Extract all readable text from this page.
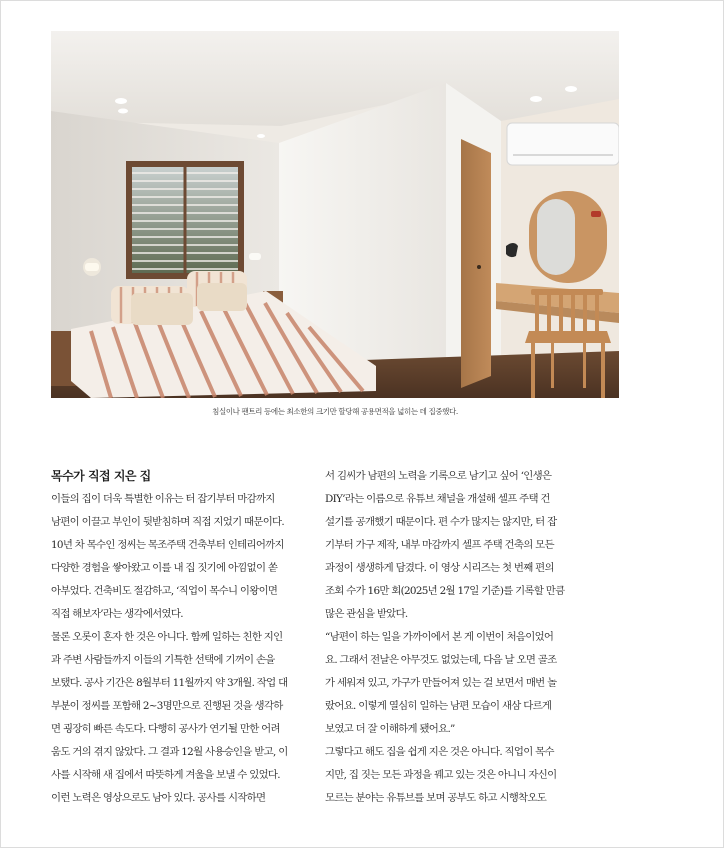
침실이나 팬트리 등에는 최소한의 크기만 할당해 공용면적을 넓히는 데 집중했다.
목수가 직접 지은 집
이들의 집이 더욱 특별한 이유는 터 잡기부터 마감까지
남편이 이끌고 부인이 뒷받침하며 직접 지었기 때문이다.
10년 차 목수인 정씨는 목조주택 건축부터 인테리어까지
다양한 경험을 쌓아왔고 이를 내 집 짓기에 아낌없이 쏟
아부었다. 건축비도 절감하고, ‘직업이 목수니 이왕이면
직접 해보자’라는 생각에서였다.
물론 오롯이 혼자 한 것은 아니다. 함께 일하는 친한 지인
과 주변 사람들까지 이들의 기특한 선택에 기꺼이 손을
보탰다. 공사 기간은 8월부터 11월까지 약 3개월. 작업 대
부분이 정씨를 포함해 2~3명만으로 진행된 것을 생각하
면 굉장히 빠른 속도다. 다행히 공사가 연기될 만한 어려
움도 거의 겪지 않았다. 그 결과 12월 사용승인을 받고, 이
사를 시작해 새 집에서 따뜻하게 겨울을 보낼 수 있었다.
이런 노력은 영상으로도 남아 있다. 공사를 시작하면
서 김씨가 남편의 노력을 기록으로 남기고 싶어 ‘인생은
DIY’라는 이름으로 유튜브 채널을 개설해 셀프 주택 건
설기를 공개했기 때문이다. 편 수가 많지는 않지만, 터 잡
기부터 가구 제작, 내부 마감까지 셀프 주택 건축의 모든
과정이 생생하게 담겼다. 이 영상 시리즈는 첫 번째 편의
조회 수가 16만 회(2025년 2월 17일 기준)를 기록할 만큼
많은 관심을 받았다.
“남편이 하는 일을 가까이에서 본 게 이번이 처음이었어
요. 그래서 전날은 아무것도 없었는데, 다음 날 오면 골조
가 세워져 있고, 가구가 만들어져 있는 걸 보면서 매번 놀
랐어요. 이렇게 열심히 일하는 남편 모습이 새삼 다르게
보였고 더 잘 이해하게 됐어요.”
그렇다고 해도 집을 쉽게 지은 것은 아니다. 직업이 목수
지만, 집 짓는 모든 과정을 꿰고 있는 것은 아니니 자신이
모르는 분야는 유튜브를 보며 공부도 하고 시행착오도
